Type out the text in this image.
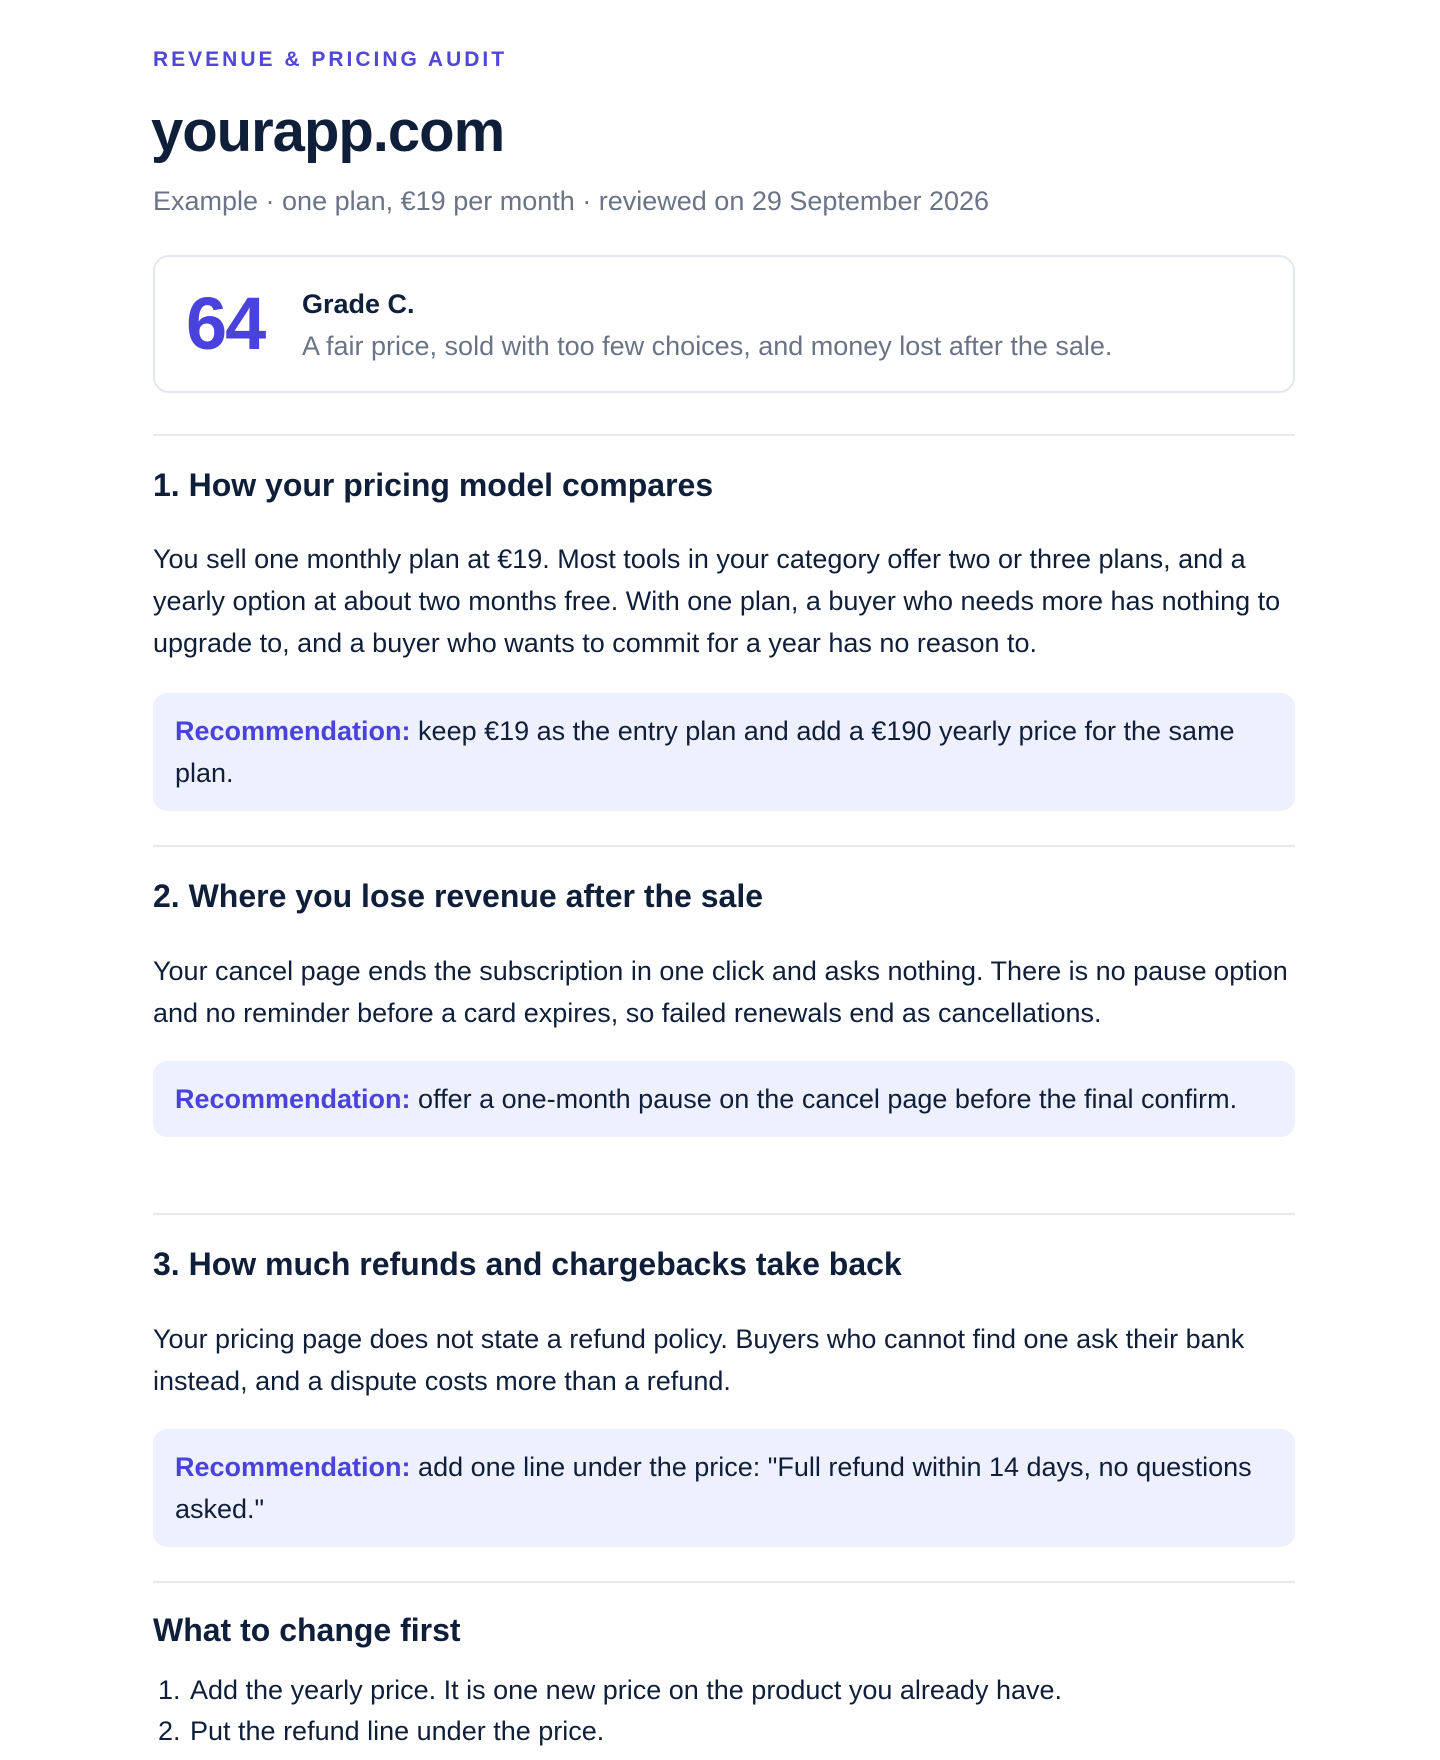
REVENUE & PRICING AUDIT
yourapp.com
Example · one plan, €19 per month · reviewed on 29 September 2026
64 Grade C.
A fair price, sold with too few choices, and money lost after the sale.
1. How your pricing model compares

You sell one monthly plan at €19. Most tools in your category offer two or three plans, and a yearly option at about two months free. With one plan, a buyer who needs more has nothing to upgrade to, and a buyer who wants to commit for a year has no reason to.

Recommendation: keep €19 as the entry plan and add a €190 yearly price for the same plan.
2. Where you lose revenue after the sale

Your cancel page ends the subscription in one click and asks nothing. There is no pause option and no reminder before a card expires, so failed renewals end as cancellations.

Recommendation: offer a one-month pause on the cancel page before the final confirm.
3. How much refunds and chargebacks take back

Your pricing page does not state a refund policy. Buyers who cannot find one ask their bank instead, and a dispute costs more than a refund.

Recommendation: add one line under the price: "Full refund within 14 days, no questions asked."
What to change first
1. Add the yearly price. It is one new price on the product you already have.
2. Put the refund line under the price.
